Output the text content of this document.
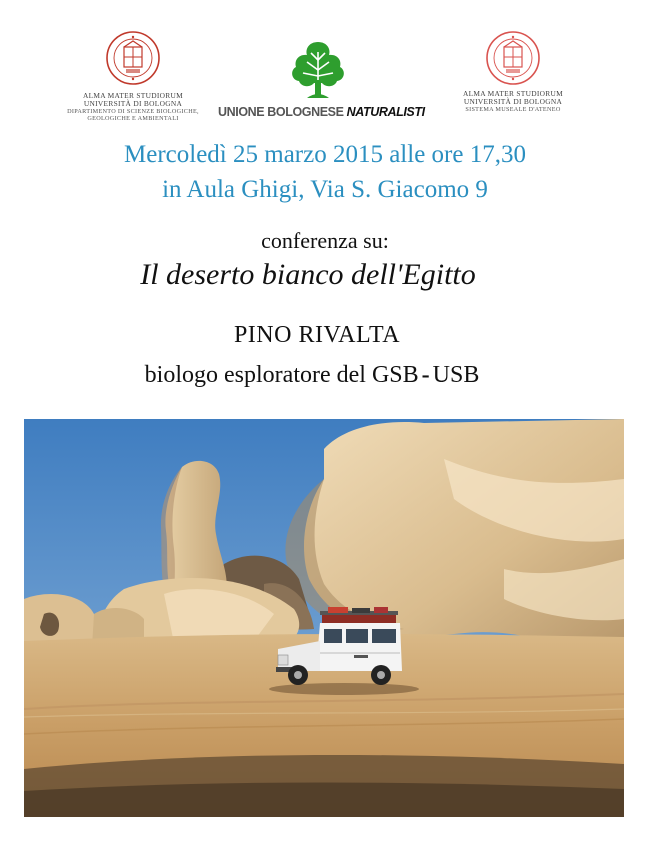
ALMA MATER STUDIORUM
UNIVERSITÀ DI BOLOGNA
DIPARTIMENTO DI SCIENZE BIOLOGICHE,
GEOLOGICHE E AMBIENTALI	UNIONE BOLOGNESE NATURALISTI
ALMA MATER STUDIORUM
UNIVERSITÀ DI BOLOGNA
SISTEMA MUSEALE D'ATENEO
Mercoledì 25 marzo 2015 alle ore 17,30
in Aula Ghigi, Via S. Giacomo 9
conferenza su:
Il deserto bianco dell'Egitto
PINO RIVALTA
biologo esploratore del GSB - USB
